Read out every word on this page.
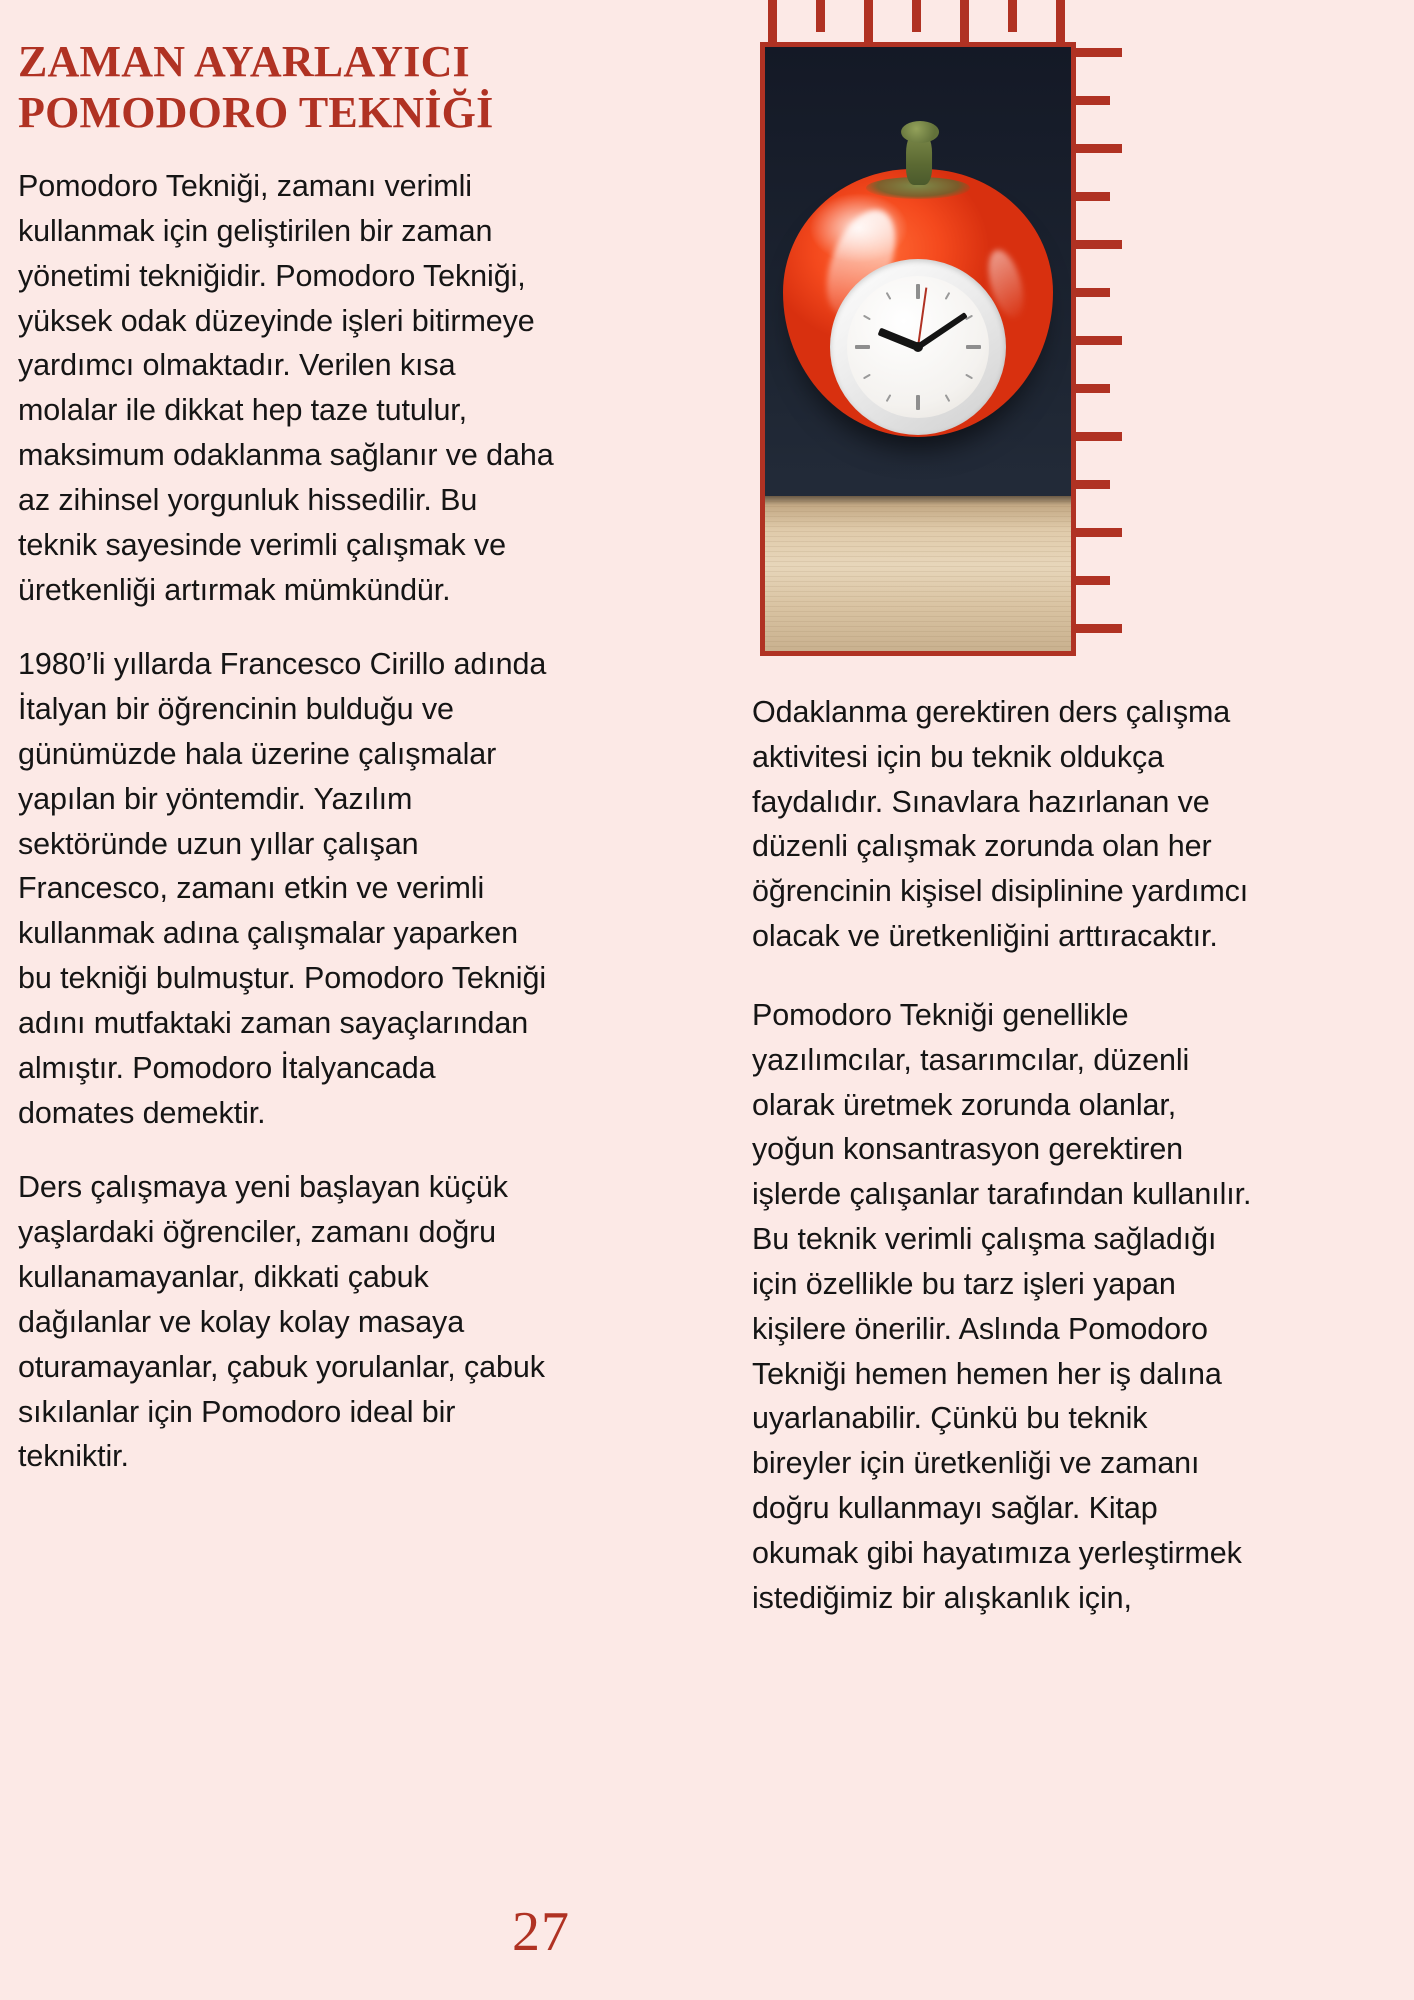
ZAMAN AYARLAYICI
POMODORO TEKNİĞİ

Pomodoro Tekniği, zamanı verimli kullanmak için geliştirilen bir zaman yönetimi tekniğidir. Pomodoro Tekniği, yüksek odak düzeyinde işleri bitirmeye yardımcı olmaktadır. Verilen kısa molalar ile dikkat hep taze tutulur, maksimum odaklanma sağlanır ve daha az zihinsel yorgunluk hissedilir. Bu teknik sayesinde verimli çalışmak ve üretkenliği artırmak mümkündür.

1980’li yıllarda Francesco Cirillo adında İtalyan bir öğrencinin bulduğu ve günümüzde hala üzerine çalışmalar yapılan bir yöntemdir. Yazılım sektöründe uzun yıllar çalışan Francesco, zamanı etkin ve verimli kullanmak adına çalışmalar yaparken bu tekniği bulmuştur. Pomodoro Tekniği adını mutfaktaki zaman sayaçlarından almıştır. Pomodoro İtalyancada domates demektir.

Ders çalışmaya yeni başlayan küçük yaşlardaki öğrenciler, zamanı doğru kullanamayanlar, dikkati çabuk dağılanlar ve kolay kolay masaya oturamayanlar, çabuk yorulanlar, çabuk sıkılanlar için Pomodoro ideal bir tekniktir.

Odaklanma gerektiren ders çalışma aktivitesi için bu teknik oldukça faydalıdır. Sınavlara hazırlanan ve düzenli çalışmak zorunda olan her öğrencinin kişisel disiplinine yardımcı olacak ve üretkenliğini arttıracaktır.

Pomodoro Tekniği genellikle yazılımcılar, tasarımcılar, düzenli olarak üretmek zorunda olanlar, yoğun konsantrasyon gerektiren işlerde çalışanlar tarafından kullanılır. Bu teknik verimli çalışma sağladığı için özellikle bu tarz işleri yapan kişilere önerilir. Aslında Pomodoro Tekniği hemen hemen her iş dalına uyarlanabilir. Çünkü bu teknik bireyler için üretkenliği ve zamanı doğru kullanmayı sağlar. Kitap okumak gibi hayatımıza yerleştirmek istediğimiz bir alışkanlık için,

27
